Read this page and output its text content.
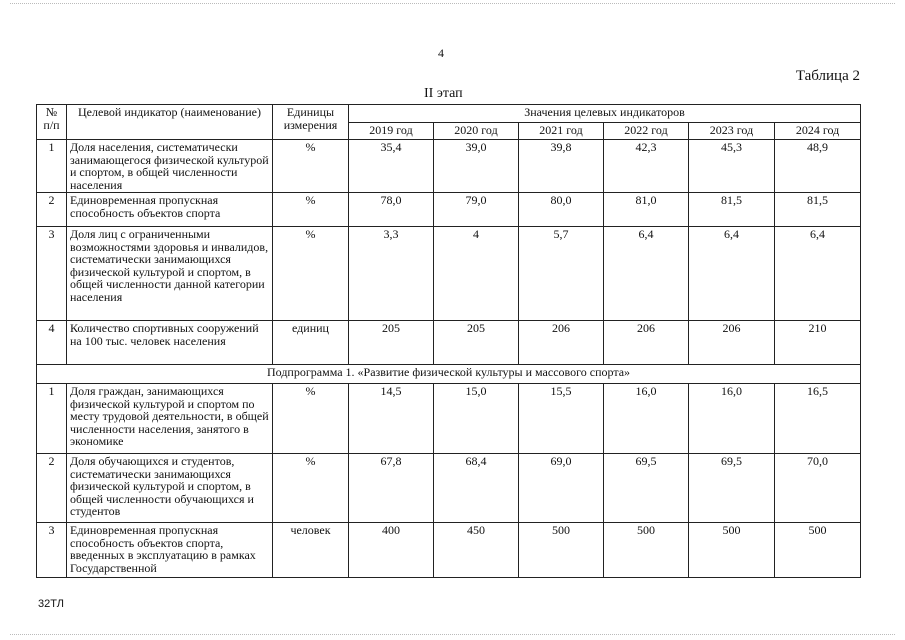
4
Таблица 2
II этап
№ п/п	Целевой индикатор (наименование)	Единицы измерения	Значения целевых индикаторов					
			2019 год	2020 год	2021 год	2022 год	2023 год	2024 год
1	Доля населения, систематически занимающегося физической культурой и спортом, в общей численности населения	%	35,4	39,0	39,8	42,3	45,3	48,9
2	Единовременная пропускная способность объектов спорта	%	78,0	79,0	80,0	81,0	81,5	81,5
3	Доля лиц с ограниченными возможностями здоровья и инвалидов, систематически занимающихся физической культурой и спортом, в общей численности данной категории населения	%	3,3	4	5,7	6,4	6,4	6,4
4	Количество спортивных сооружений на 100 тыс. человек населения	единиц	205	205	206	206	206	210
Подпрограмма 1. «Развитие физической культуры и массового спорта»								
1	Доля граждан, занимающихся физической культурой и спортом по месту трудовой деятельности, в общей численности населения, занятого в экономике	%	14,5	15,0	15,5	16,0	16,0	16,5
2	Доля обучающихся и студентов, систематически занимающихся физической культурой и спортом, в общей численности обучающихся и студентов	%	67,8	68,4	69,0	69,5	69,5	70,0
3	Единовременная пропускная способность объектов спорта, введенных в эксплуатацию в рамках Государственной	человек	400	450	500	500	500	500
32ТЛ
